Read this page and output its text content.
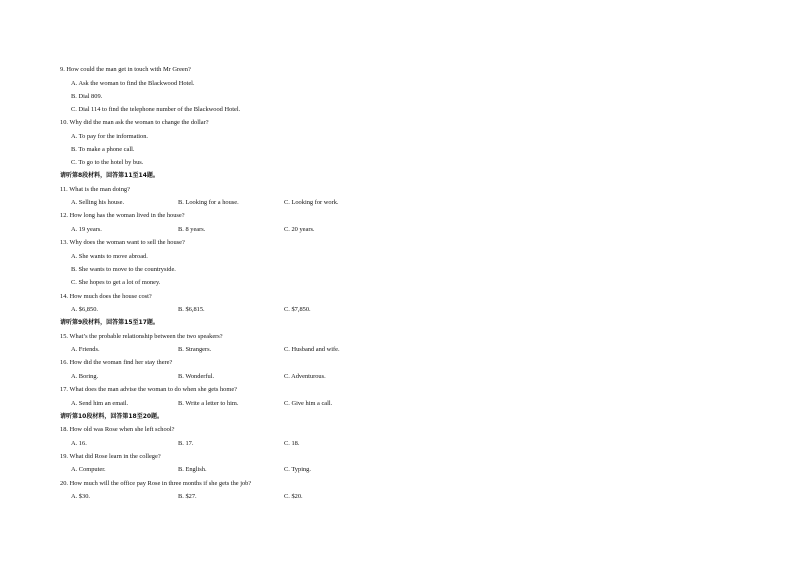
9. How could the man get in touch with Mr Green?
A. Ask the woman to find the Blackwood Hotel.
B. Dial 809.
C. Dial 114 to find the telephone number of the Blackwood Hotel.
10. Why did the man ask the woman to change the dollar?
A. To pay for the information.
B. To make a phone call.
C. To go to the hotel by bus.
请听第8段材料，回答第11至14题。
11. What is the man doing?
A. Selling his house.	B. Looking for a house.	C. Looking for work.
12. How long has the woman lived in the house?
A. 19 years.	B. 8 years.	C. 20 years.
13. Why does the woman want to sell the house?
A. She wants to move abroad.
B. She wants to move to the countryside.
C. She hopes to get a lot of money.
14. How much does the house cost?
A. $6,850.	B. $6,815.	C. $7,850.
请听第9段材料，回答第15至17题。
15. What’s the probable relationship between the two speakers?
A. Friends.	B. Strangers.	C. Husband and wife.
16. How did the woman find her stay there?
A. Boring.	B. Wonderful.	C. Adventurous.
17. What does the man advise the woman to do when she gets home?
A. Send him an email.	B. Write a letter to him.	C. Give him a call.
请听第10段材料，回答第18至20题。
18. How old was Rose when she left school?
A. 16.	B. 17.	C. 18.
19. What did Rose learn in the college?
A. Computer.	B. English.	C. Typing.
20. How much will the office pay Rose in three months if she gets the job?
A. $30.	B. $27.	C. $20.
